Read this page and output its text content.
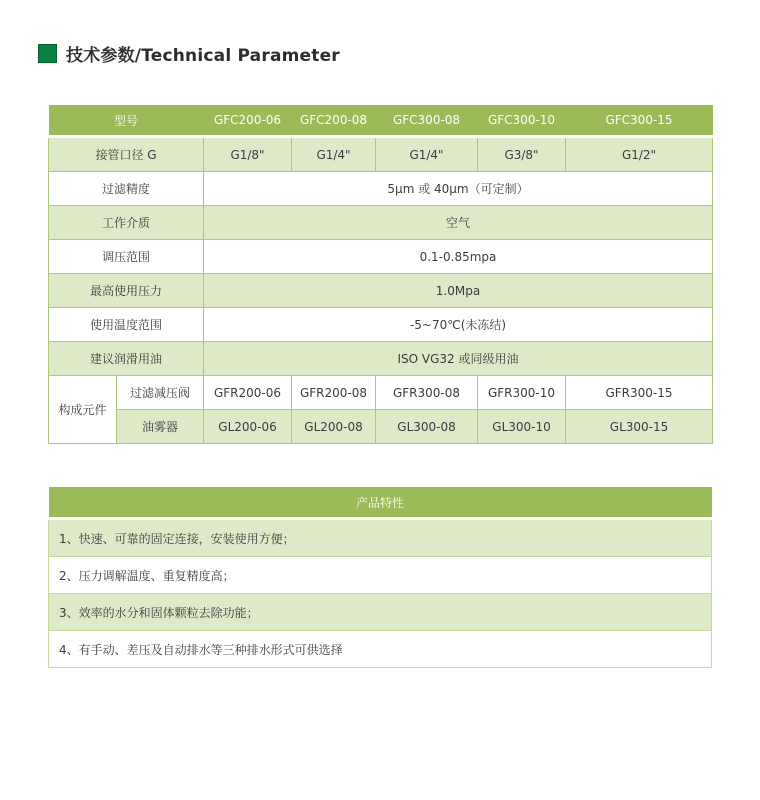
技术参数/Technical Parameter
型号		GFC200-06	GFC200-08	GFC300-08	GFC300-10	GFC300-15
接管口径 G		G1/8"	G1/4"	G1/4"	G3/8"	G1/2"
过滤精度		5μm 或 40μm（可定制）				
工作介质		空气				
调压范围		0.1-0.85mpa				
最高使用压力		1.0Mpa				
使用温度范围		-5~70℃(未冻结)				
建议润滑用油		ISO VG32 或同级用油				
构成元件	过滤减压阀	GFR200-06	GFR200-08	GFR300-08	GFR300-10	GFR300-15
	油雾器	GL200-06	GL200-08	GL300-08	GL300-10	GL300-15
产品特性
1、快速、可靠的固定连接，安装使用方便；
2、压力调解温度、重复精度高；
3、效率的水分和固体颗粒去除功能；
4、有手动、差压及自动排水等三种排水形式可供选择
